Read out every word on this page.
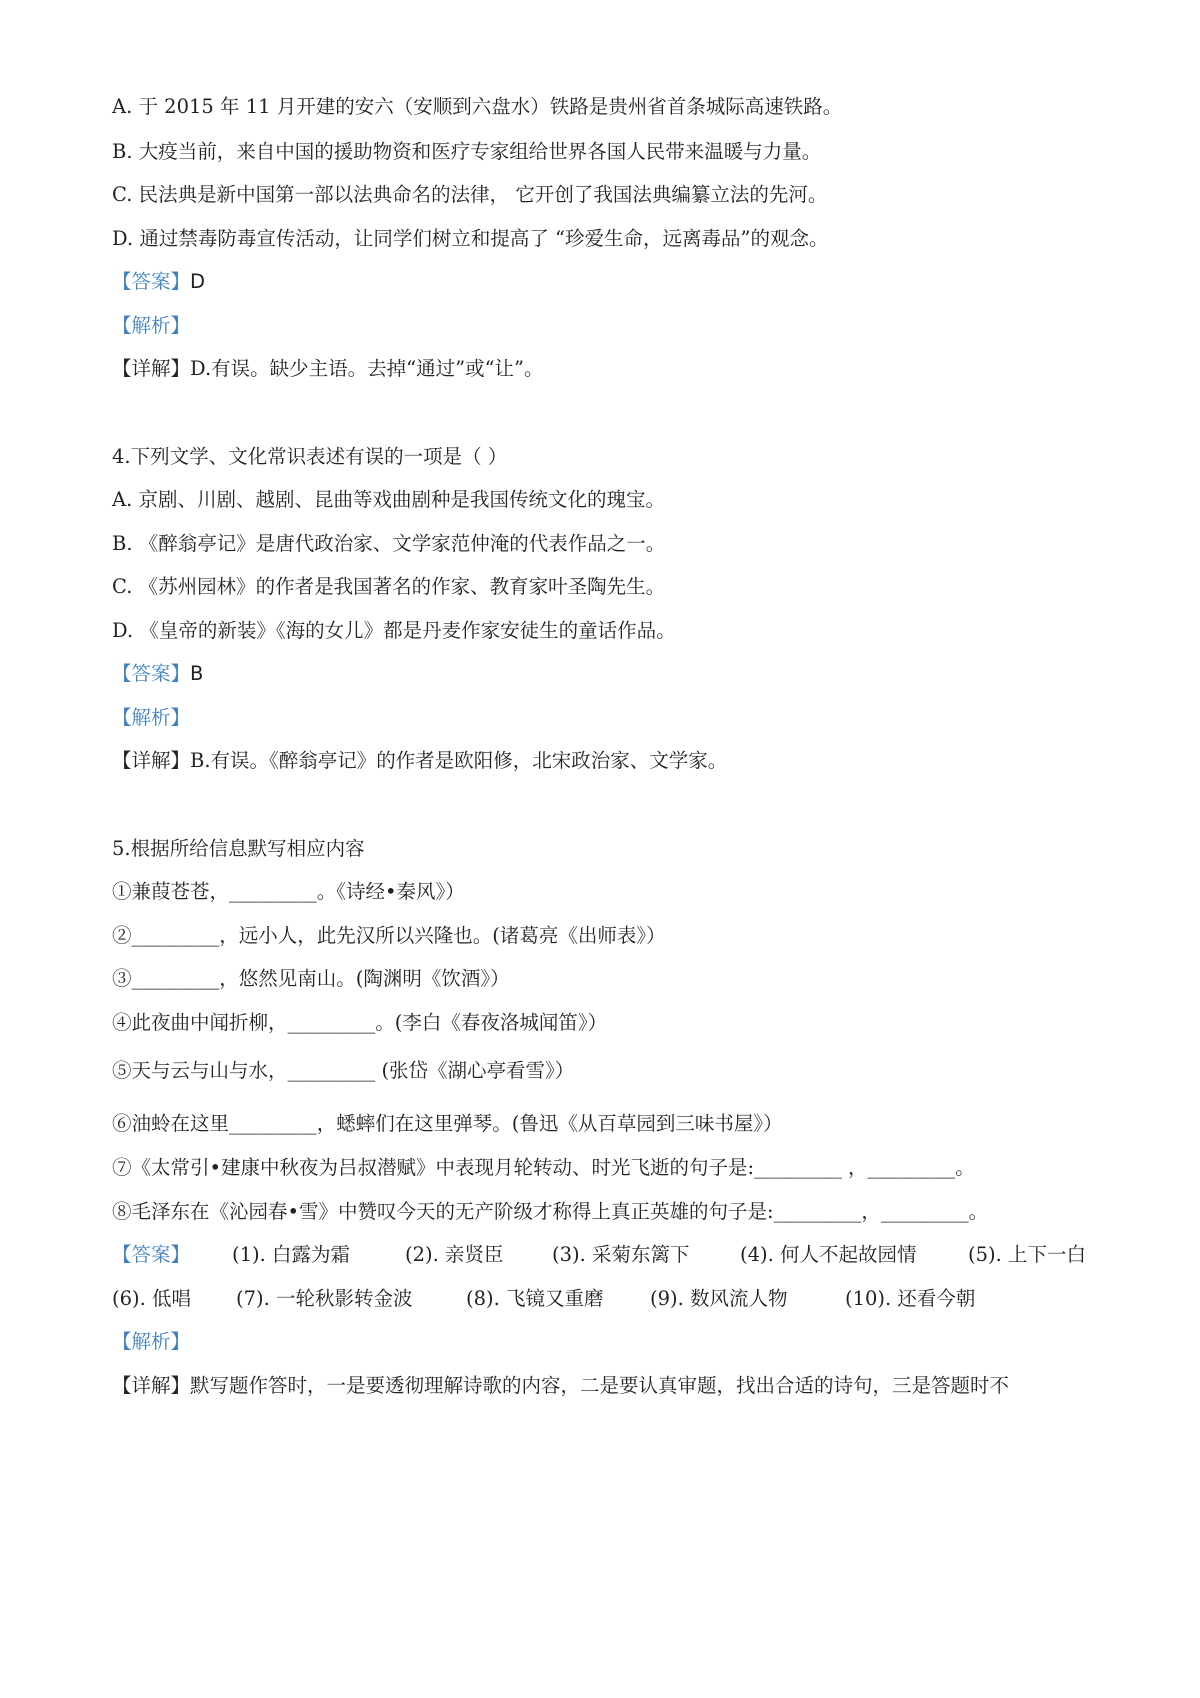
A. 于 2015 年 11 月开建的安六（安顺到六盘水）铁路是贵州省首条城际高速铁路。
B. 大疫当前，来自中国的援助物资和医疗专家组给世界各国人民带来温暖与力量。
C. 民法典是新中国第一部以法典命名的法律， 它开创了我国法典编纂立法的先河。
D. 通过禁毒防毒宣传活动，让同学们树立和提高了 “珍爱生命，远离毒品”的观念。
【答案】D
【解析】
【详解】D.有误。缺少主语。去掉“通过”或“让”。
4.下列文学、文化常识表述有误的一项是（ ）
A. 京剧、川剧、越剧、昆曲等戏曲剧种是我国传统文化的瑰宝。
B. 《醉翁亭记》是唐代政治家、文学家范仲淹的代表作品之一。
C. 《苏州园林》的作者是我国著名的作家、教育家叶圣陶先生。
D. 《皇帝的新装》《海的女儿》都是丹麦作家安徒生的童话作品。
【答案】B
【解析】
【详解】B.有误。《醉翁亭记》的作者是欧阳修，北宋政治家、文学家。
5.根据所给信息默写相应内容
①兼葭苍苍，_________。《诗经•秦风》）
②_________，远小人，此先汉所以兴隆也。(诸葛亮《出师表》）
③_________，悠然见南山。(陶渊明《饮酒》）
④此夜曲中闻折柳，_________。(李白《春夜洛城闻笛》）
⑤天与云与山与水，_________ (张岱《湖心亭看雪》）
⑥油蛉在这里_________，蟋蟀们在这里弹琴。(鲁迅《从百草园到三味书屋》）
⑦《太常引•建康中秋夜为吕叔潜赋》中表现月轮转动、时光飞逝的句子是:_________ ，_________。
⑧毛泽东在《沁园春•雪》中赞叹今天的无产阶级才称得上真正英雄的句子是:_________，_________。
【答案】 (1). 白露为霜	(2). 亲贤臣 (3). 采菊东篱下	(4). 何人不起故园情	(5). 上下一白
(6). 低唱 (7). 一轮秋影转金波	(8). 飞镜又重磨 (9). 数风流人物	(10). 还看今朝
【解析】
【详解】默写题作答时，一是要透彻理解诗歌的内容，二是要认真审题，找出合适的诗句，三是答题时不
